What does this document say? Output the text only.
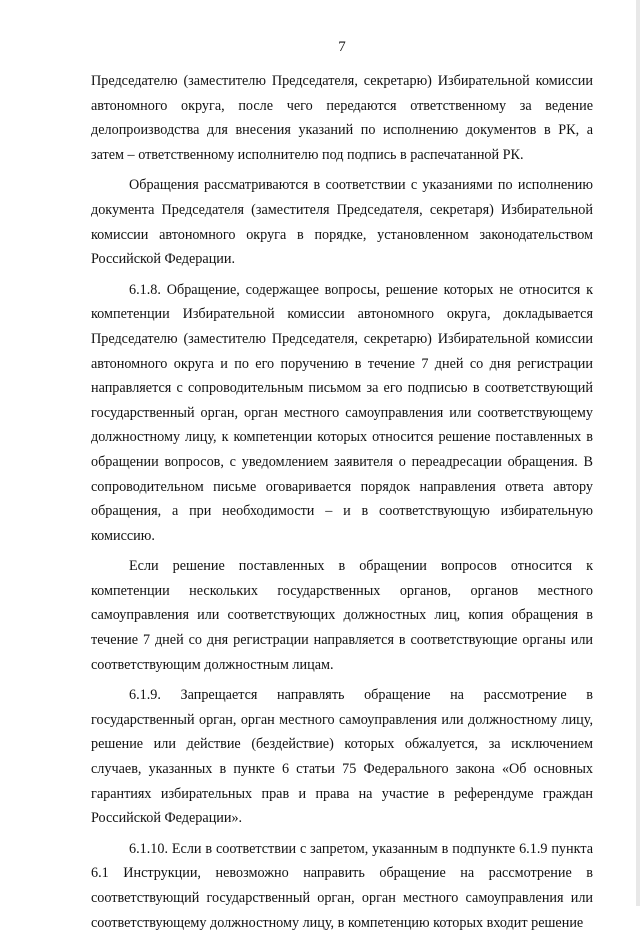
7

Председателю (заместителю Председателя, секретарю) Избирательной комиссии автономного округа, после чего передаются ответственному за ведение делопроизводства для внесения указаний по исполнению документов в РК, а затем – ответственному исполнителю под подпись в распечатанной РК.

Обращения рассматриваются в соответствии с указаниями по исполнению документа Председателя (заместителя Председателя, секретаря) Избирательной комиссии автономного округа в порядке, установленном законодательством Российской Федерации.

6.1.8. Обращение, содержащее вопросы, решение которых не относится к компетенции Избирательной комиссии автономного округа, докладывается Председателю (заместителю Председателя, секретарю) Избирательной комиссии автономного округа и по его поручению в течение 7 дней со дня регистрации направляется с сопроводительным письмом за его подписью в соответствующий государственный орган, орган местного самоуправления или соответствующему должностному лицу, к компетенции которых относится решение поставленных в обращении вопросов, с уведомлением заявителя о переадресации обращения. В сопроводительном письме оговаривается порядок направления ответа автору обращения, а при необходимости – и в соответствующую избирательную комиссию.

Если решение поставленных в обращении вопросов относится к компетенции нескольких государственных органов, органов местного самоуправления или соответствующих должностных лиц, копия обращения в течение 7 дней со дня регистрации направляется в соответствующие органы или соответствующим должностным лицам.

6.1.9. Запрещается направлять обращение на рассмотрение в государственный орган, орган местного самоуправления или должностному лицу, решение или действие (бездействие) которых обжалуется, за исключением случаев, указанных в пункте 6 статьи 75 Федерального закона «Об основных гарантиях избирательных прав и права на участие в референдуме граждан Российской Федерации».

6.1.10. Если в соответствии с запретом, указанным в подпункте 6.1.9 пункта 6.1 Инструкции, невозможно направить обращение на рассмотрение в соответствующий государственный орган, орган местного самоуправления или соответствующему должностному лицу, в компетенцию которых входит решение
